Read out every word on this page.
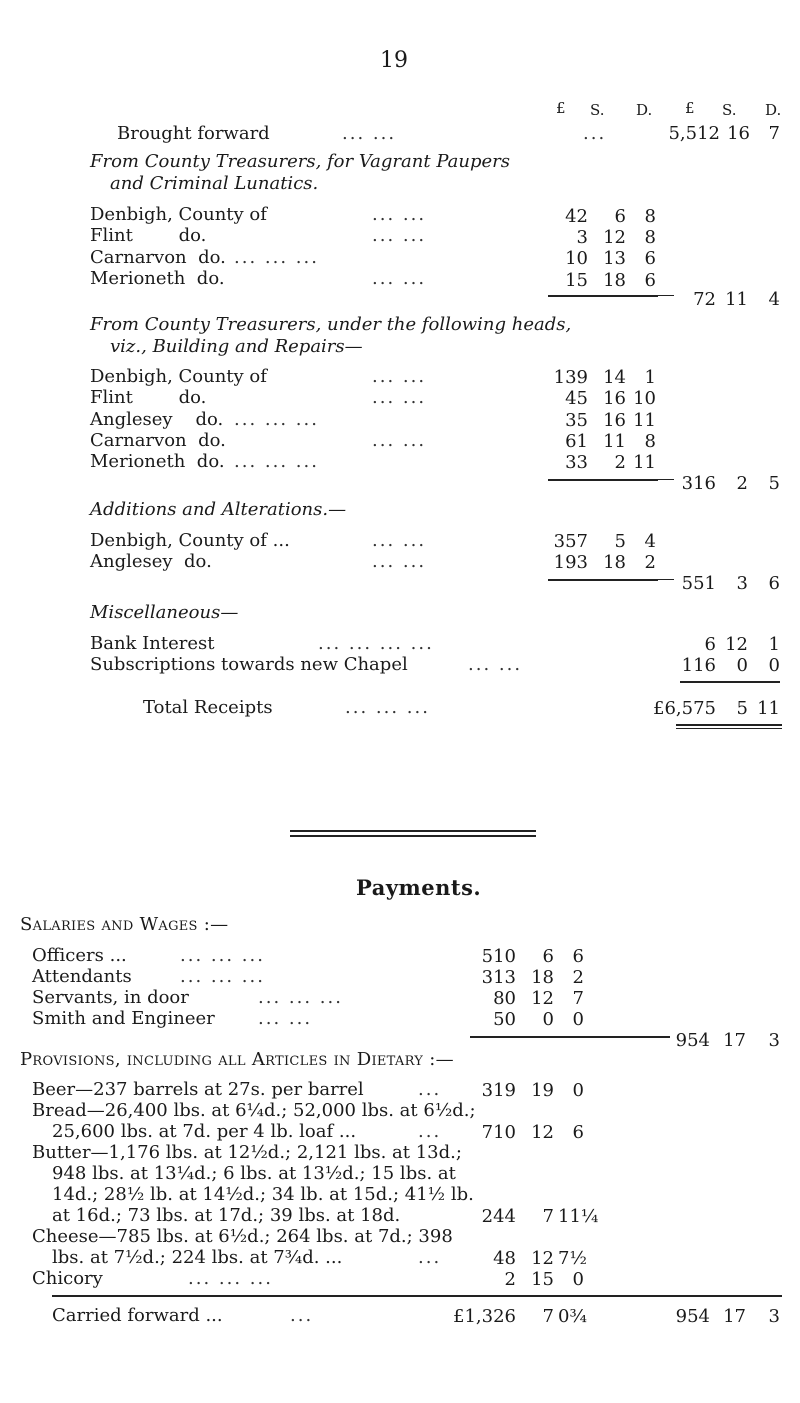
19
£ S. D. £ S. D.
Brought forward	... ...	...	5,512 16	7
From County Treasurers, for Vagrant Paupers
and Criminal Lunatics.
Denbigh, County of	... ...	42	6	8
Flint        do.	... ...	3 12	8
Carnarvon  do. ... ... ...	10 13	6
Merioneth  do.	... ...	15 18	6
72 11	4
From County Treasurers, under the following heads,
viz., Building and Repairs—
Denbigh, County of	... ...	139 14	1
Flint        do.	... ...	45 16 10
Anglesey    do. ... ... ...	35 16 11
Carnarvon  do.	... ...	61 11	8
Merioneth  do. ... ... ...	33	2 11
316	2	5
Additions and Alterations.—
Denbigh, County of ...	... ...	357	5	4
Anglesey  do.	... ...	193 18	2
551	3	6
Miscellaneous—
Bank Interest	... ... ... ...	6 12	1
Subscriptions towards new Chapel	... ...	116	0	0
Total Receipts	... ... ...	£6,575	5 11
Payments.
Salaries and Wages :—
Officers ...	... ... ...	510	6	6
Attendants	... ... ...	313 18	2
Servants, in door	... ... ...	80 12	7
Smith and Engineer ... ...	50	0	0
954 17	3
Provisions, including all Articles in Dietary :—
Beer—237 barrels at 27s. per barrel	...	319 19	0
Bread—26,400 lbs. at 6¼d.; 52,000 lbs. at 6½d.;
25,600 lbs. at 7d. per 4 lb. loaf ...	...	710 12	6
Butter—1,176 lbs. at 12½d.; 2,121 lbs. at 13d.;
948 lbs. at 13¼d.; 6 lbs. at 13½d.; 15 lbs. at
14d.; 28½ lb. at 14½d.; 34 lb. at 15d.; 41½ lb.
at 16d.; 73 lbs. at 17d.; 39 lbs. at 18d.	244	7 11¼
Cheese—785 lbs. at 6½d.; 264 lbs. at 7d.; 398
lbs. at 7½d.; 224 lbs. at 7¾d. ...	...	48 12 7½
Chicory	... ... ...	2 15	0
Carried forward ...	...	£1,326	7 0¾	954 17	3
